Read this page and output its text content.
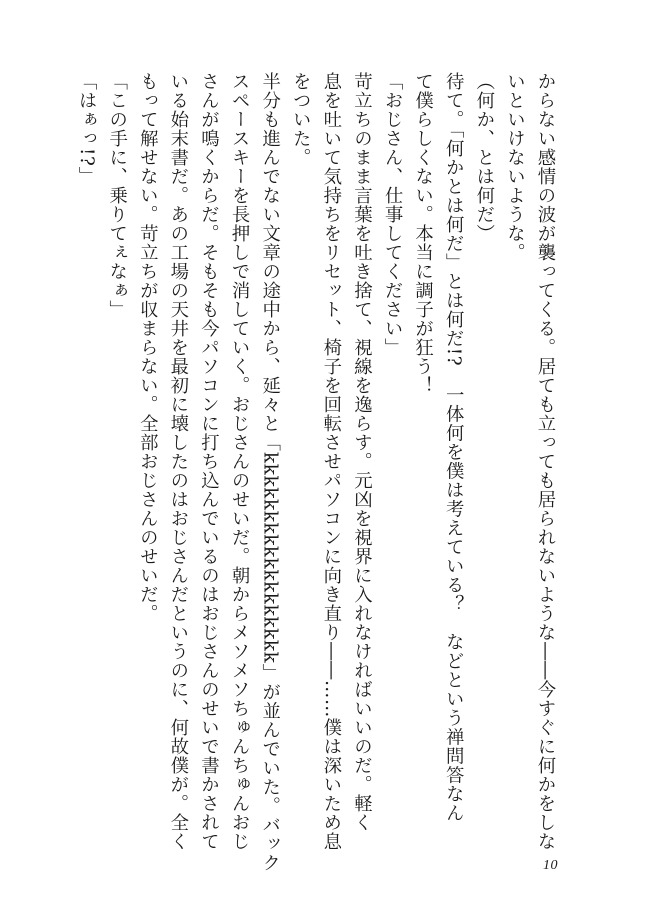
からない感情の波が襲ってくる。居ても立っても居られないような――今すぐに何かをしな
いといけないような。
（何か、とは何だ）
待て。「何かとは何だ」とは何だ!?　一体何を僕は考えている？　などという禅問答なん
て僕らしくない。本当に調子が狂う！
「おじさん、仕事してください」
苛立ちのまま言葉を吐き捨て、視線を逸らす。元凶を視界に入れなければいいのだ。軽く
息を吐いて気持ちをリセット、椅子を回転させパソコンに向き直り――……僕は深いため息
をついた。
半分も進んでない文章の途中から、延々と「kkkkkkkkkkkkkkkkkk」が並んでいた。バック
スペースキーを長押しで消していく。おじさんのせいだ。朝からメソメソちゅんちゅんおじ
さんが鳴くからだ。そもそも今パソコンに打ち込んでいるのはおじさんのせいで書かされて
いる始末書だ。あの工場の天井を最初に壊したのはおじさんだというのに、何故僕が。全く
もって解せない。苛立ちが収まらない。全部おじさんのせいだ。
「この手に、乗りてぇなぁ」
「はぁっ!?」
10
